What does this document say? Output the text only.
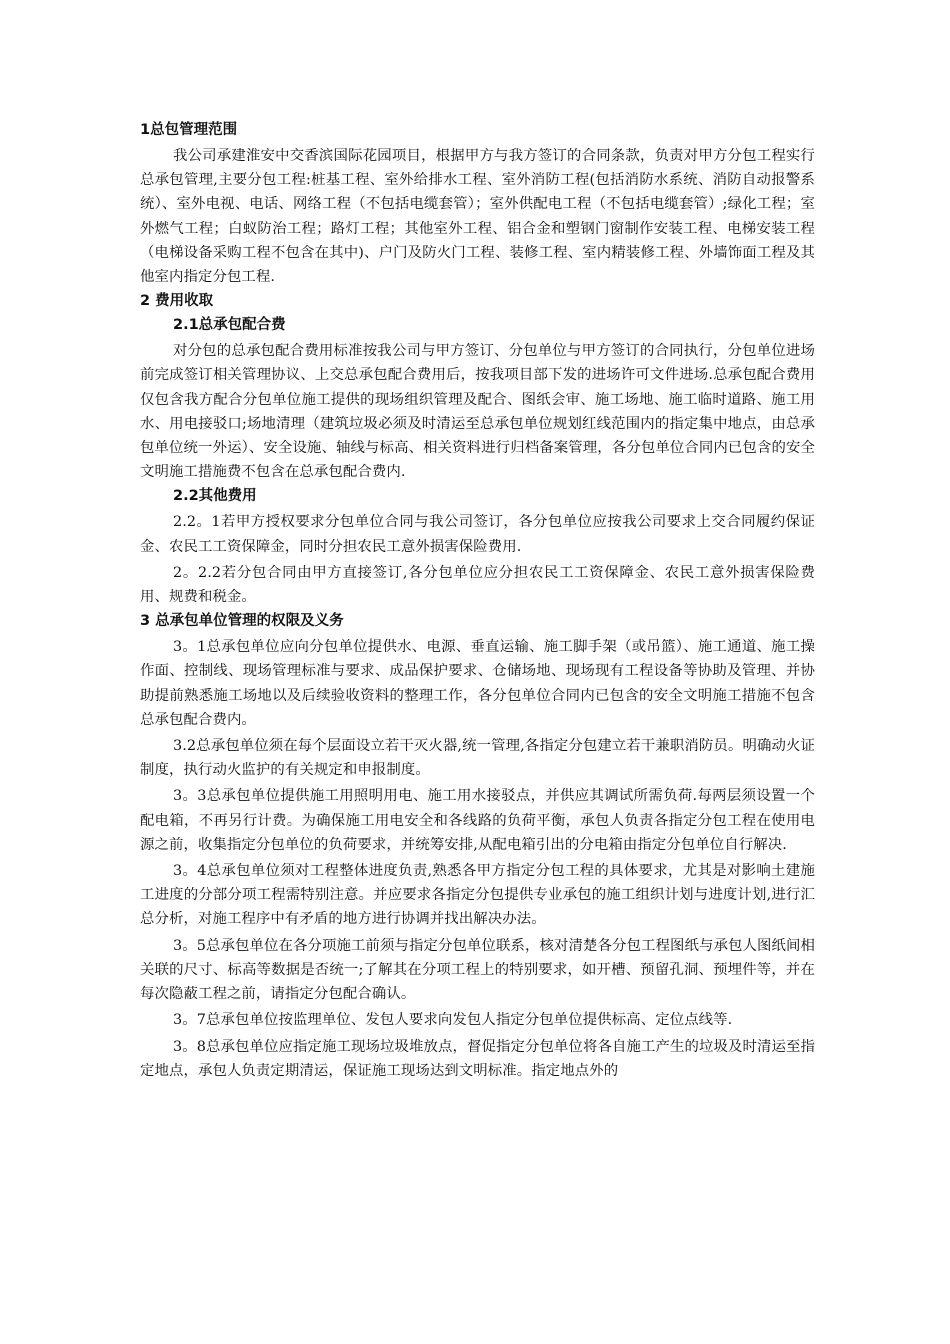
1总包管理范围

我公司承建淮安中交香滨国际花园项目，根据甲方与我方签订的合同条款，负责对甲方分包工程实行总承包管理,主要分包工程:桩基工程、室外给排水工程、室外消防工程(包括消防水系统、消防自动报警系统）、室外电视、电话、网络工程（不包括电缆套管）；室外供配电工程（不包括电缆套管）;绿化工程；室外燃气工程；白蚁防治工程；路灯工程；其他室外工程、铝合金和塑钢门窗制作安装工程、电梯安装工程（电梯设备采购工程不包含在其中)、户门及防火门工程、装修工程、室内精装修工程、外墙饰面工程及其他室内指定分包工程.

2 费用收取
2.1总承包配合费

对分包的总承包配合费用标准按我公司与甲方签订、分包单位与甲方签订的合同执行，分包单位进场前完成签订相关管理协议、上交总承包配合费用后，按我项目部下发的进场许可文件进场.总承包配合费用仅包含我方配合分包单位施工提供的现场组织管理及配合、图纸会审、施工场地、施工临时道路、施工用水、用电接驳口;场地清理（建筑垃圾必须及时清运至总承包单位规划红线范围内的指定集中地点，由总承包单位统一外运）、安全设施、轴线与标高、相关资料进行归档备案管理，各分包单位合同内已包含的安全文明施工措施费不包含在总承包配合费内.

2.2其他费用

2.2。1若甲方授权要求分包单位合同与我公司签订，各分包单位应按我公司要求上交合同履约保证金、农民工工资保障金，同时分担农民工意外损害保险费用.

2。2.2若分包合同由甲方直接签订,各分包单位应分担农民工工资保障金、农民工意外损害保险费用、规费和税金。

3 总承包单位管理的权限及义务

3。1总承包单位应向分包单位提供水、电源、垂直运输、施工脚手架（或吊篮）、施工通道、施工操作面、控制线、现场管理标准与要求、成品保护要求、仓储场地、现场现有工程设备等协助及管理、并协助提前熟悉施工场地以及后续验收资料的整理工作，各分包单位合同内已包含的安全文明施工措施不包含总承包配合费内。

3.2总承包单位须在每个层面设立若干灭火器,统一管理,各指定分包建立若干兼职消防员。明确动火证制度，执行动火监护的有关规定和申报制度。

3。3总承包单位提供施工用照明用电、施工用水接驳点，并供应其调试所需负荷.每两层须设置一个配电箱，不再另行计费。为确保施工用电安全和各线路的负荷平衡，承包人负责各指定分包工程在使用电源之前，收集指定分包单位的负荷要求，并统筹安排,从配电箱引出的分电箱由指定分包单位自行解决.

3。4总承包单位须对工程整体进度负责,熟悉各甲方指定分包工程的具体要求，尤其是对影响土建施工进度的分部分项工程需特别注意。并应要求各指定分包提供专业承包的施工组织计划与进度计划,进行汇总分析，对施工程序中有矛盾的地方进行协调并找出解决办法。

3。5总承包单位在各分项施工前须与指定分包单位联系，核对清楚各分包工程图纸与承包人图纸间相关联的尺寸、标高等数据是否统一;了解其在分项工程上的特别要求，如开槽、预留孔洞、预埋件等，并在每次隐蔽工程之前，请指定分包配合确认。

3。7总承包单位按监理单位、发包人要求向发包人指定分包单位提供标高、定位点线等.

3。8总承包单位应指定施工现场垃圾堆放点，督促指定分包单位将各自施工产生的垃圾及时清运至指定地点，承包人负责定期清运，保证施工现场达到文明标准。指定地点外的
